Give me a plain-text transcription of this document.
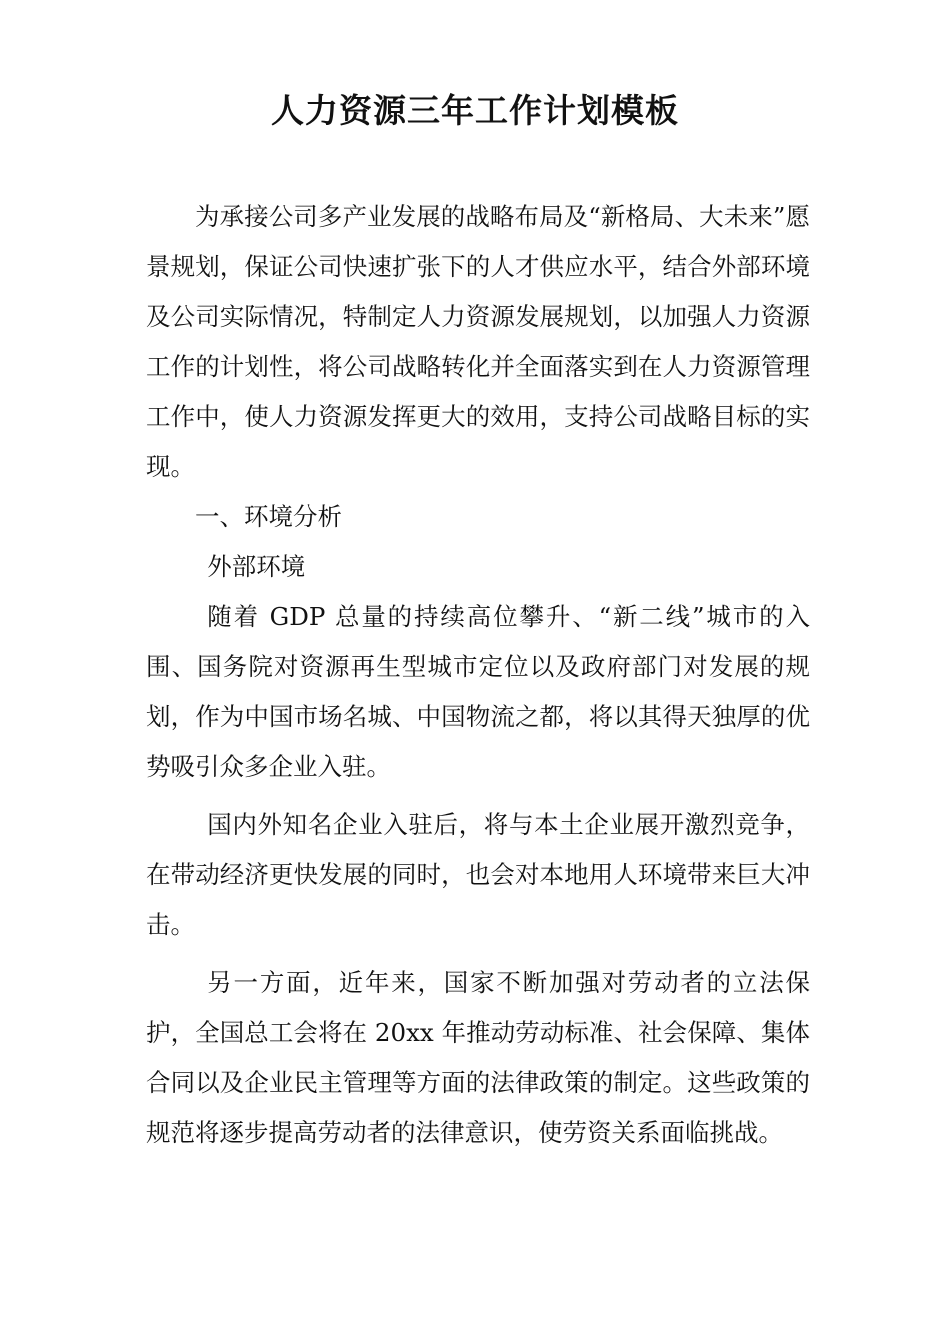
人力资源三年工作计划模板

为承接公司多产业发展的战略布局及“新格局、大未来”愿景规划，保证公司快速扩张下的人才供应水平，结合外部环境及公司实际情况，特制定人力资源发展规划，以加强人力资源工作的计划性，将公司战略转化并全面落实到在人力资源管理工作中，使人力资源发挥更大的效用，支持公司战略目标的实现。

一、环境分析

外部环境

随着 GDP 总量的持续高位攀升、“新二线”城市的入围、国务院对资源再生型城市定位以及政府部门对发展的规划，作为中国市场名城、中国物流之都，将以其得天独厚的优势吸引众多企业入驻。

国内外知名企业入驻后，将与本土企业展开激烈竞争，在带动经济更快发展的同时，也会对本地用人环境带来巨大冲击。

另一方面，近年来，国家不断加强对劳动者的立法保护，全国总工会将在 20xx 年推动劳动标准、社会保障、集体合同以及企业民主管理等方面的法律政策的制定。这些政策的规范将逐步提高劳动者的法律意识，使劳资关系面临挑战。
